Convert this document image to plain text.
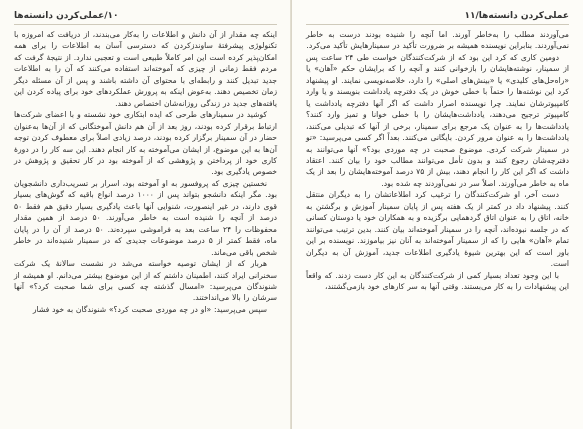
۱۰/عملی‌کردن دانسته‌ها

اینکه چه مقدار از آن دانش و اطلاعات را به‌کار می‌بندند، از دریافت که امروزه با تکنولوژی پیشرفتهٔ ساوندزکردن که دسترسی آسان به اطلاعات را برای همه امکان‌پذیر کرده است این امر کاملاً طبیعی است و تعجبی ندارد. از نتیجهٔ گرفت که مردم فقط زمانی از چیزی که آموخته‌اند استفاده می‌کنند که آن را به اطلاعات جدید تبدیل کنند و رابطه‌ای با محتوای آن داشته باشند و پس از آن مسئله دیگر زمان تخصیص دهند. به‌عوض اینکه به پرورش عملکردهای خود برای پیاده کردن این یافته‌های جدید در زندگی روزانه‌شان اختصاص دهند.

کوشید در سمینارهای طرحی که ایده ابتکاری خود نشسته و با اعضای شرکت‌ها ارتباط برقرار کرده بودند، روز بعد از آن هم دانش آموختگانی که از آن‌ها به‌عنوان حضار در آن سمینار برگزار کرده بودند، درصد زیادی اصلاً برای معطوف کردن توجه آن‌ها به این موضوع، از ایشان می‌آموخته به کار انجام دهند. این سه کار را در دورهٔ کاری خود از پرداختن و پژوهشی که از آموخته بود در کار تحقیق و پژوهش در خصوص یادگیری بود.

نخستین چیزی که پروفسور به او آموخته بود، اسرار بر تسریب‌داری دانشجویان بود. مگر اینکه دانشجو بتواند پس از ۱۰۰۰ درصد انواع باقیه که گوش‌های بسیار قوی دارند، در غیر اینصورت، شنوایی آنها باعث یادگیری بسیار دقیق هم فقط ۵۰ درصد از آنچه را شنیده است به خاطر می‌آورند. ۵۰ درصد از همین مقدار محفوظات را ۲۴ ساعت بعد به فراموشی سپرده‌ند. ۵۰ درصد از آن را در پایان ماه، فقط کمتر از ۵ درصد موضوعات جدیدی که در سمینار شنیده‌اند در خاطر شخص باقی می‌ماند.

هربار که از ایشان توصیه خواسته می‌شد در نشست سالانهٔ یک شرکت سخنرانی ایراد کنند، اطمینان داشتم که از این موضوع بیشتر می‌دانم. او همیشه از شنوندگان می‌پرسید: «امسال گذشته چه کسی برای شما صحبت کرد؟» آنها سرشان را بالا می‌انداختند.

سپس می‌پرسید: «او در چه موردی صحبت کرد؟» شنوندگان به خود فشار

عملی‌کردن دانسته‌ها/۱۱

می‌آوردند مطلب را به‌خاطر آورند. اما آنچه را شنیده بودند درست به خاطر نمی‌آوردند. بنابراین نویسنده همیشه بر ضرورت تأکید در سمینارهایش تأکید می‌کرد.

دومین کاری که کرد این بود که از شرکت‌کنندگان خواست طی ۲۴ ساعت پس از سمینار، نوشته‌هایشان را بازخوانی کنند و آنچه را که برایشان حکم «آهان» یا «راه‌حل‌های کلیدی» یا «بینش‌های اصلی» را دارد، خلاصه‌نویسی نمایند. او پیشنهاد کرد این نوشته‌ها را حتماً با خطی خوش در یک دفترچه یادداشت بنویسند و یا وارد کامپیوترشان نمایند. چرا نویسنده اصرار داشت که اگر آنها دفترچه یادداشت یا کامپیوتر ترجیح می‌دهند، یادداشت‌هایشان را با خطی خوانا و تمیز وارد کنند؟ یادداشت‌ها را به عنوان یک مرجع برای سمینار، برخی از آنها که تبدیلی می‌کنند، یادداشت‌ها را به عنوان مرور کردن. بایگانی می‌کنند. بعداً اگر کسی می‌پرسید: «تو در سمینار شرکت کردی. موضوع صحبت در چه موردی بود؟» آنها می‌توانند به دفترچه‌شان رجوع کنند و بدون تأمل می‌توانند مطالب خود را بیان کنند. اعتقاد داشت که اگر این کار را انجام دهند، بیش از ۷۵ درصد آموخته‌هایشان را بعد از یک ماه به خاطر می‌آورند. اصلاً سر در نمی‌آوردند چه شده بود.

دست آخر، او شرکت‌کنندگان را ترغیب کرد اطلاعاتشان را به دیگران منتقل کنند. پیشنهاد داد در کمتر از یک هفته پس از پایان سمینار آموزش و برگشتن به خانه، اتاق را به عنوان اتاق گردهمایی برگزیده و به همکاران خود یا دوستان کسانی که در جلسه نبوده‌اند، آنچه را در سمینار آموخته‌اند بیان کنند. بدین ترتیب می‌توانند تمام «آهان» هایی را که از سمینار آموخته‌اند به آنان نیز بیاموزند. نویسنده بر این باور است که این بهترین شیوهٔ یادگیری اطلاعات جدید، آموزش آن به دیگران است.

با این وجود تعداد بسیار کمی از شرکت‌کنندگان به این کار دست زدند. که واقعاً این پیشنهادات را به کار می‌بستند. وقتی آنها به سر کارهای خود بازمی‌گشتند،
